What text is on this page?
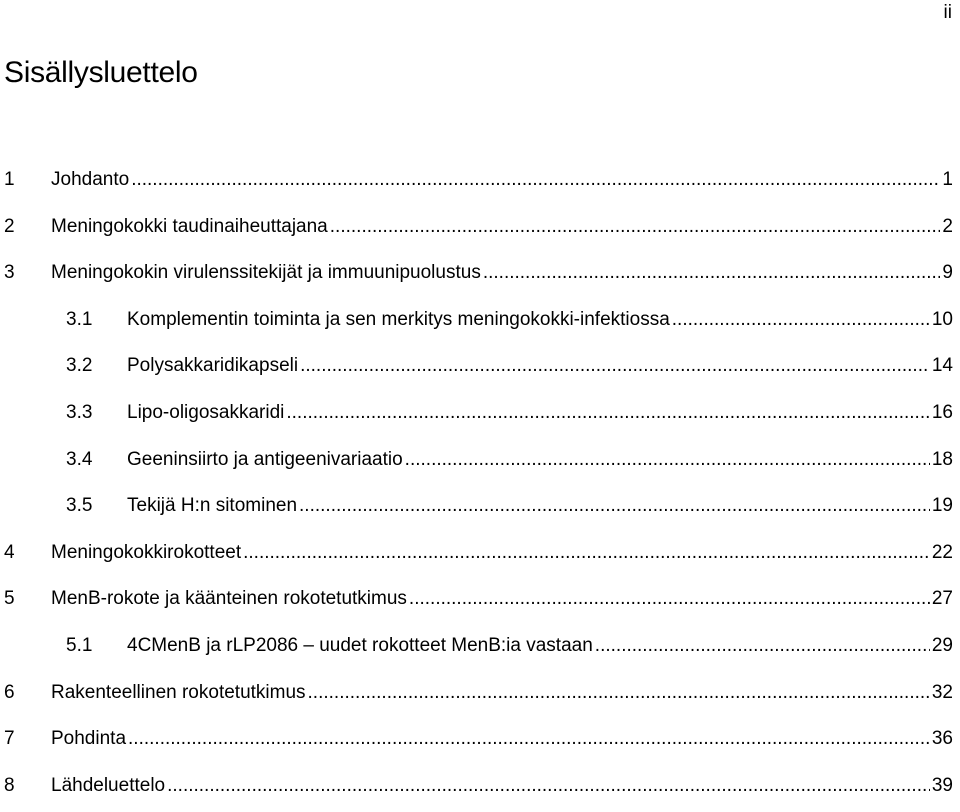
ii
Sisällysluettelo
1 Johdanto .....	1
2 Meningokokki taudinaiheuttajana .....	2
3 Meningokokin virulenssitekijät ja immuunipuolustus .....	9
3.1 Komplementin toiminta ja sen merkitys meningokokki-infektiossa .....	10
3.2 Polysakkaridikapseli .....	14
3.3 Lipo-oligosakkaridi .....	16
3.4 Geeninsiirto ja antigeenivariaatio .....	18
3.5 Tekijä H:n sitominen .....	19
4 Meningokokkirokotteet .....	22
5 MenB-rokote ja käänteinen rokotetutkimus .....	27
5.1 4CMenB ja rLP2086 – uudet rokotteet MenB:ia vastaan .....	29
6 Rakenteellinen rokotetutkimus .....	32
7 Pohdinta .....	36
8 Lähdeluettelo .....	39
